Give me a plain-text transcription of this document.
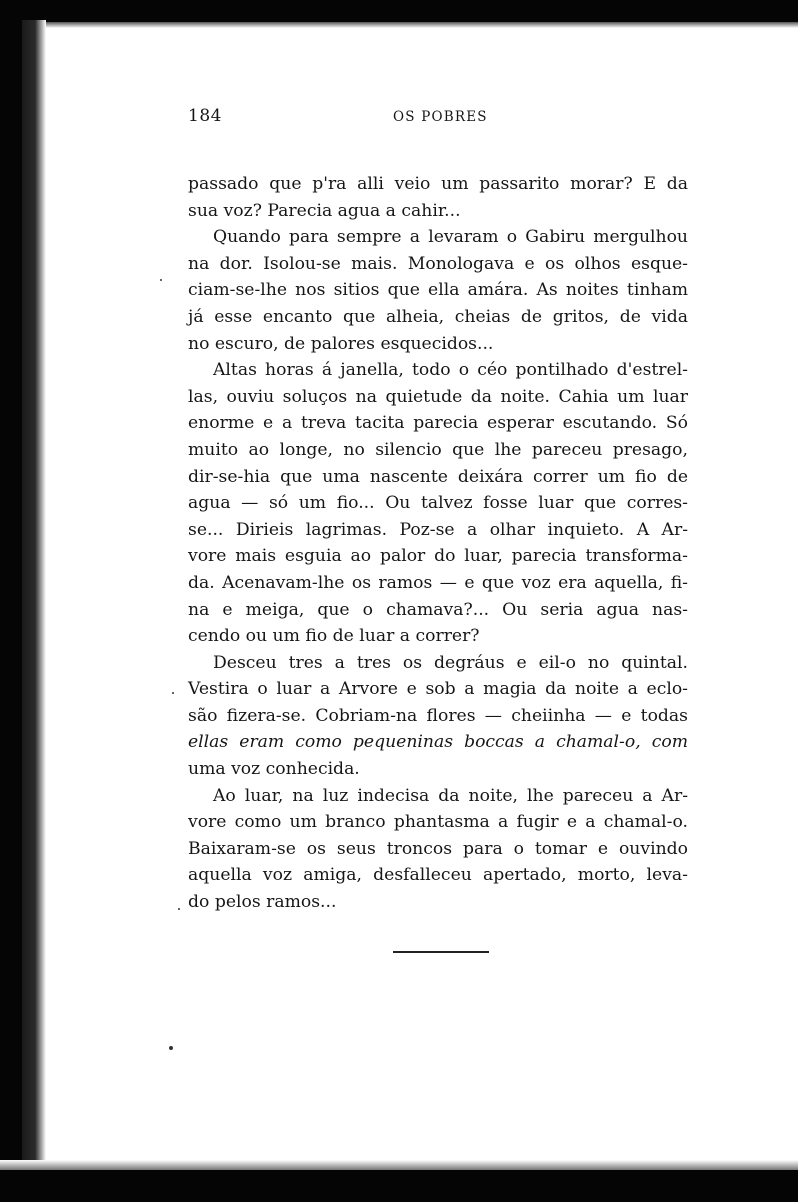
184	OS POBRES
passado que p'ra alli veio um passarito morar? E da
sua voz? Parecia agua a cahir...
Quando para sempre a levaram o Gabiru mergulhou
na dor. Isolou-se mais. Monologava e os olhos esque-
ciam-se-lhe nos sitios que ella amára. As noites tinham
já esse encanto que alheia, cheias de gritos, de vida
no escuro, de palores esquecidos...
Altas horas á janella, todo o céo pontilhado d'estrel-
las, ouviu soluços na quietude da noite. Cahia um luar
enorme e a treva tacita parecia esperar escutando. Só
muito ao longe, no silencio que lhe pareceu presago,
dir-se-hia que uma nascente deixára correr um fio de
agua — só um fio... Ou talvez fosse luar que corres-
se... Dirieis lagrimas. Poz-se a olhar inquieto. A Ar-
vore mais esguia ao palor do luar, parecia transforma-
da. Acenavam-lhe os ramos — e que voz era aquella, fi-
na e meiga, que o chamava?... Ou seria agua nas-
cendo ou um fio de luar a correr?
Desceu tres a tres os degráus e eil-o no quintal.
Vestira o luar a Arvore e sob a magia da noite a eclo-
são fizera-se. Cobriam-na flores — cheiinha — e todas
ellas eram como pequeninas boccas a chamal-o, com
uma voz conhecida.
Ao luar, na luz indecisa da noite, lhe pareceu a Ar-
vore como um branco phantasma a fugir e a chamal-o.
Baixaram-se os seus troncos para o tomar e ouvindo
aquella voz amiga, desfalleceu apertado, morto, leva-
do pelos ramos...
